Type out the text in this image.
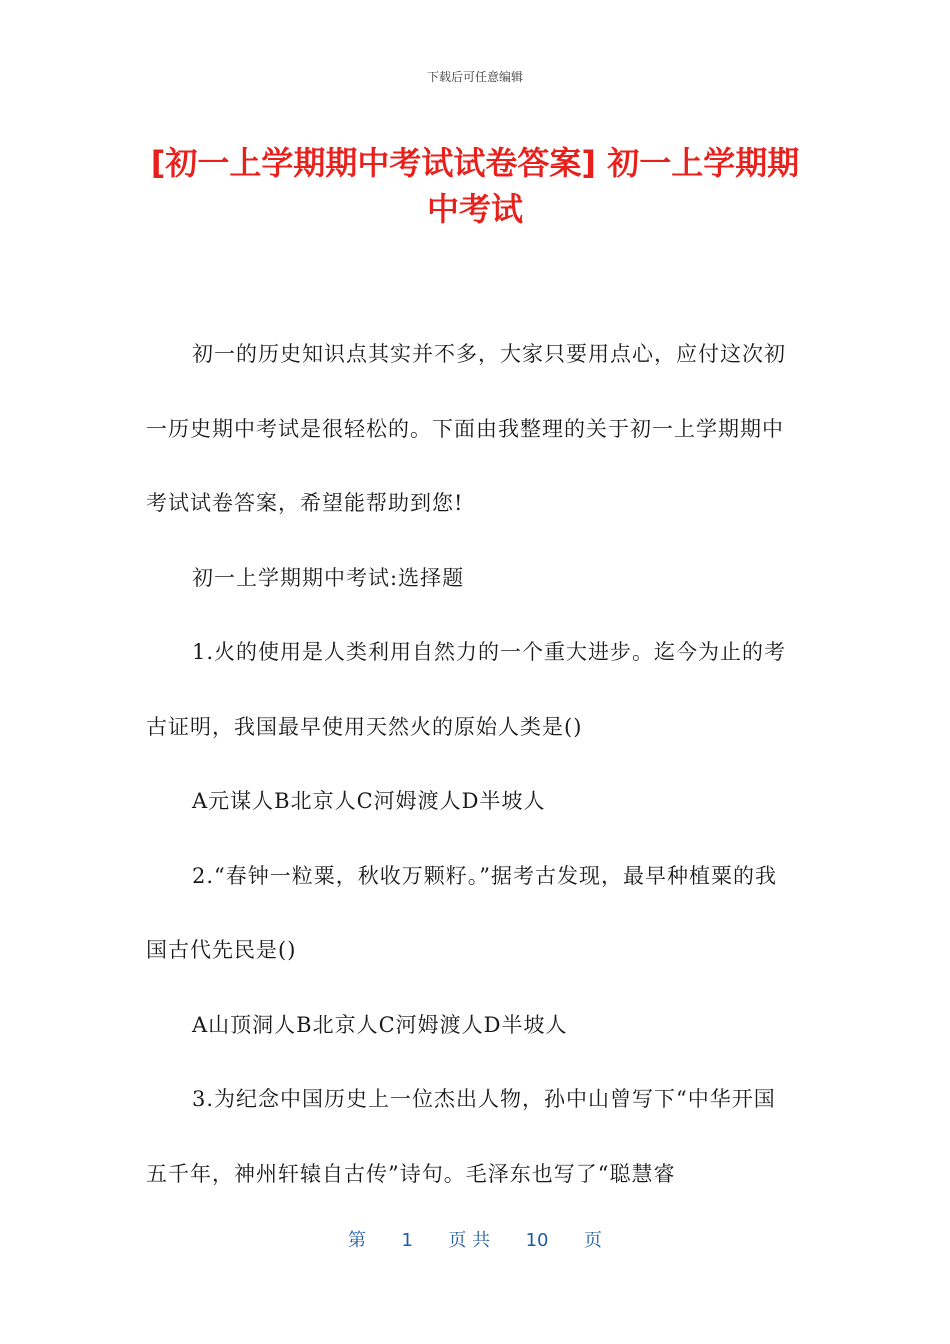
下载后可任意编辑
[初一上学期期中考试试卷答案] 初一上学期期中考试

初一的历史知识点其实并不多，大家只要用点心，应付这次初一历史期中考试是很轻松的。下面由我整理的关于初一上学期期中考试试卷答案，希望能帮助到您!

初一上学期期中考试:选择题

1.火的使用是人类利用自然力的一个重大进步。迄今为止的考古证明，我国最早使用天然火的原始人类是()

A元谋人B北京人C河姆渡人D半坡人

2.“春钟一粒粟，秋收万颗籽。”据考古发现，最早种植粟的我国古代先民是()

A山顶洞人B北京人C河姆渡人D半坡人

3.为纪念中国历史上一位杰出人物，孙中山曾写下“中华开国五千年，神州轩辕自古传”诗句。毛泽东也写了“聪慧睿

第 1 页 共 10 页
